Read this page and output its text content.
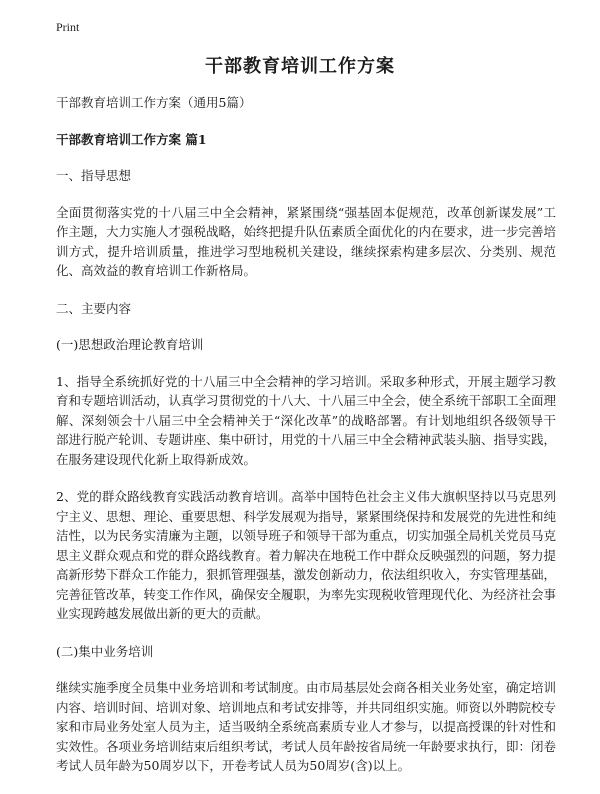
Print
干部教育培训工作方案

干部教育培训工作方案（通用5篇）

干部教育培训工作方案 篇1

一、指导思想

全面贯彻落实党的十八届三中全会精神，紧紧围绕“强基固本促规范，改革创新谋发展”工作主题，大力实施人才强税战略，始终把提升队伍素质全面优化的内在要求，进一步完善培训方式，提升培训质量，推进学习型地税机关建设，继续探索构建多层次、分类别、规范化、高效益的教育培训工作新格局。

二、主要内容

(一)思想政治理论教育培训

1、指导全系统抓好党的十八届三中全会精神的学习培训。采取多种形式，开展主题学习教育和专题培训活动，认真学习贯彻党的十八大、十八届三中全会，使全系统干部职工全面理解、深刻领会十八届三中全会精神关于“深化改革”的战略部署。有计划地组织各级领导干部进行脱产轮训、专题讲座、集中研讨，用党的十八届三中全会精神武装头脑、指导实践，在服务建设现代化新上取得新成效。

2、党的群众路线教育实践活动教育培训。高举中国特色社会主义伟大旗帜坚持以马克思列宁主义、思想、理论、重要思想、科学发展观为指导，紧紧围绕保持和发展党的先进性和纯洁性，以为民务实清廉为主题，以领导班子和领导干部为重点，切实加强全局机关党员马克思主义群众观点和党的群众路线教育。着力解决在地税工作中群众反映强烈的问题，努力提高新形势下群众工作能力，狠抓管理强基，激发创新动力，依法组织收入，夯实管理基础，完善征管改革，转变工作作风，确保安全履职，为率先实现税收管理现代化、为经济社会事业实现跨越发展做出新的更大的贡献。

(二)集中业务培训

继续实施季度全员集中业务培训和考试制度。由市局基层处会商各相关业务处室，确定培训内容、培训时间、培训对象、培训地点和考试安排等，并共同组织实施。师资以外聘院校专家和市局业务处室人员为主，适当吸纳全系统高素质专业人才参与，以提高授课的针对性和实效性。各项业务培训结束后组织考试，考试人员年龄按省局统一年龄要求执行，即：闭卷考试人员年龄为50周岁以下，开卷考试人员为50周岁(含)以上。
